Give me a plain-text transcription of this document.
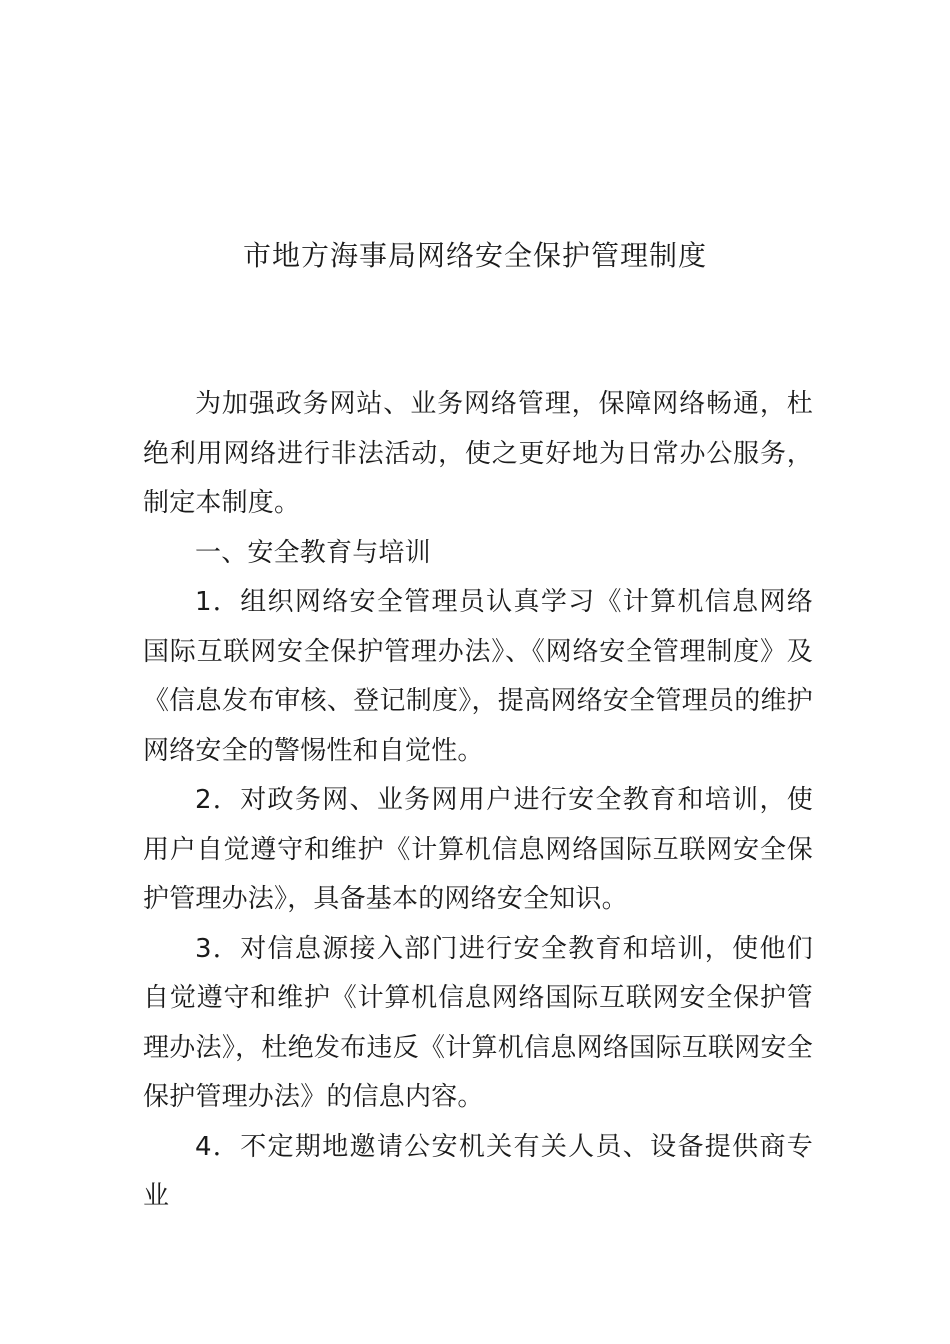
市地方海事局网络安全保护管理制度

为加强政务网站、业务网络管理，保障网络畅通，杜绝利用网络进行非法活动，使之更好地为日常办公服务，制定本制度。

一、安全教育与培训

1．组织网络安全管理员认真学习《计算机信息网络国际互联网安全保护管理办法》、《网络安全管理制度》及《信息发布审核、登记制度》，提高网络安全管理员的维护网络安全的警惕性和自觉性。

2．对政务网、业务网用户进行安全教育和培训，使用户自觉遵守和维护《计算机信息网络国际互联网安全保护管理办法》，具备基本的网络安全知识。

3．对信息源接入部门进行安全教育和培训，使他们自觉遵守和维护《计算机信息网络国际互联网安全保护管理办法》，杜绝发布违反《计算机信息网络国际互联网安全保护管理办法》的信息内容。

4．不定期地邀请公安机关有关人员、设备提供商专业
